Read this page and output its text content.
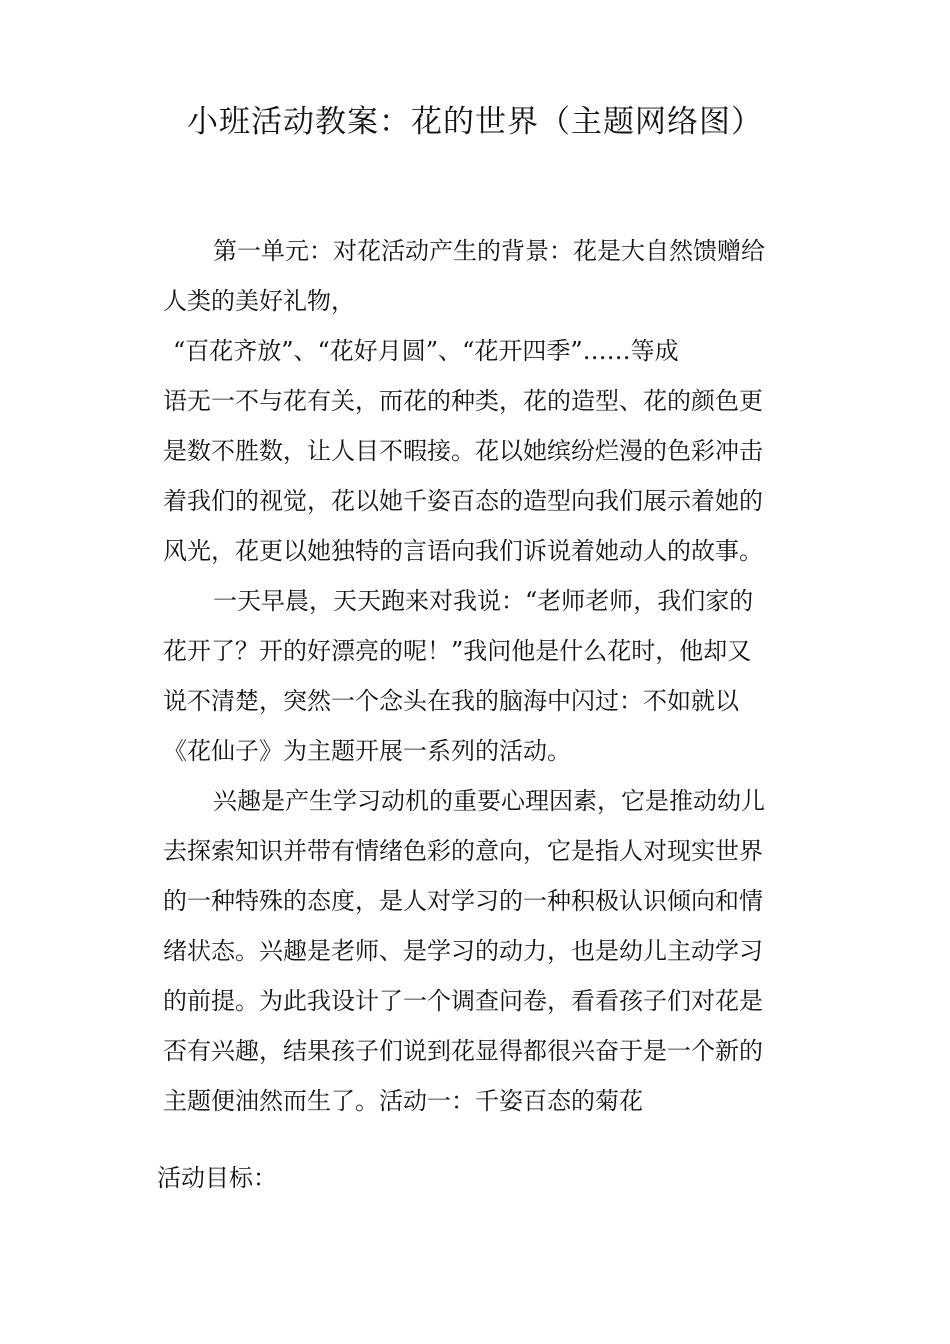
小班活动教案：花的世界（主题网络图）
第一单元：对花活动产生的背景：花是大自然馈赠给
人类的美好礼物，
“百花齐放”、“花好月圆”、“花开四季”……等成
语无一不与花有关，而花的种类，花的造型、花的颜色更
是数不胜数，让人目不暇接。花以她缤纷烂漫的色彩冲击
着我们的视觉，花以她千姿百态的造型向我们展示着她的
风光，花更以她独特的言语向我们诉说着她动人的故事。
一天早晨，天天跑来对我说：“老师老师，我们家的
花开了？开的好漂亮的呢！”我问他是什么花时，他却又
说不清楚，突然一个念头在我的脑海中闪过：不如就以
《花仙子》为主题开展一系列的活动。
兴趣是产生学习动机的重要心理因素，它是推动幼儿
去探索知识并带有情绪色彩的意向，它是指人对现实世界
的一种特殊的态度，是人对学习的一种积极认识倾向和情
绪状态。兴趣是老师、是学习的动力，也是幼儿主动学习
的前提。为此我设计了一个调查问卷，看看孩子们对花是
否有兴趣，结果孩子们说到花显得都很兴奋于是一个新的
主题便油然而生了。活动一：千姿百态的菊花
活动目标：
